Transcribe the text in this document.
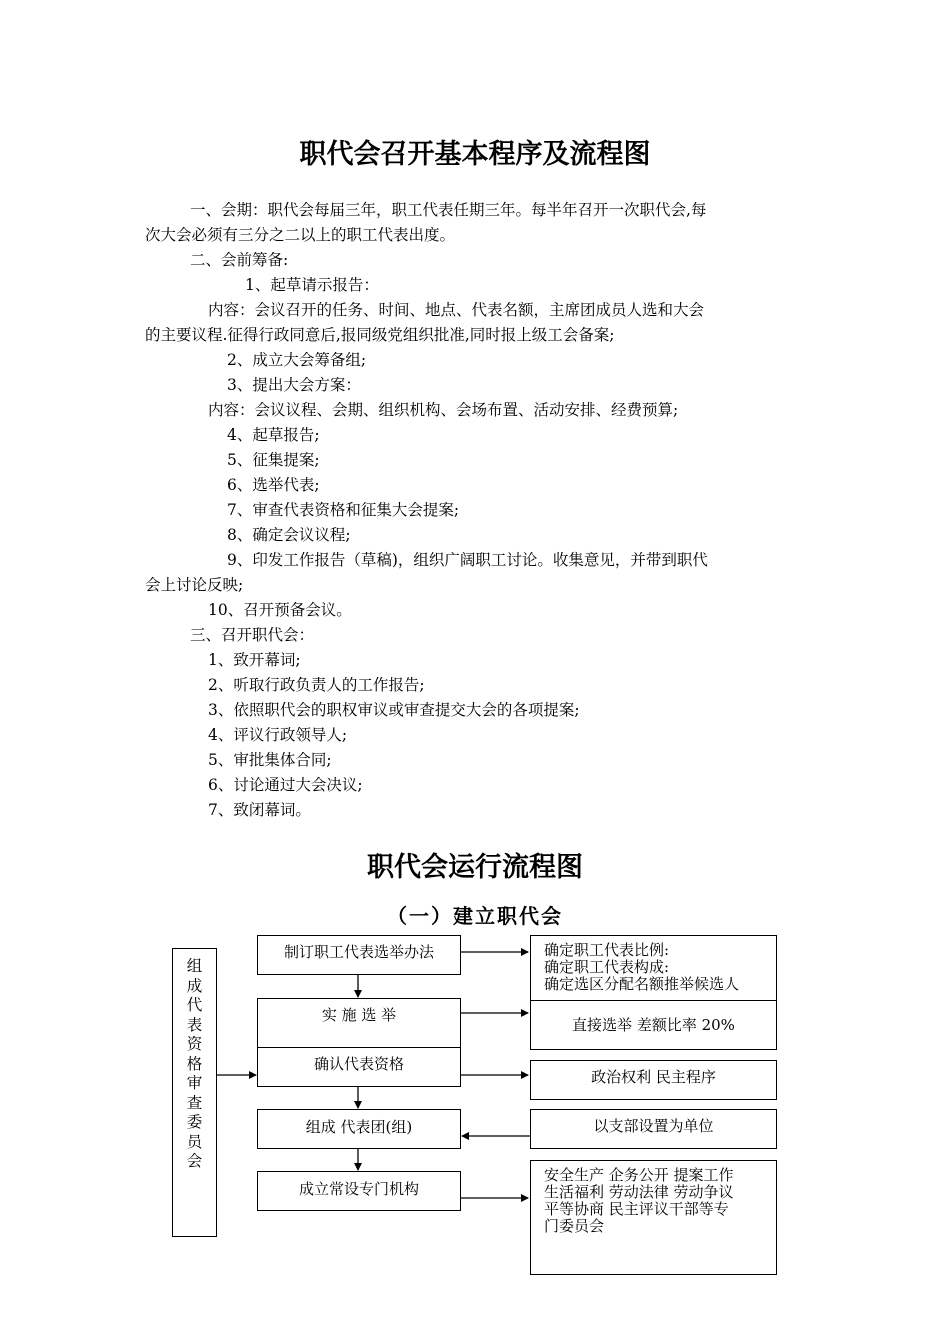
职代会召开基本程序及流程图
一、会期：职代会每届三年，职工代表任期三年。每半年召开一次职代会,每
次大会必须有三分之二以上的职工代表出度。
二、会前筹备:
1、起草请示报告：
内容：会议召开的任务、时间、地点、代表名额，主席团成员人选和大会
的主要议程.征得行政同意后,报同级党组织批准,同时报上级工会备案;
2、成立大会筹备组;
3、提出大会方案：
内容：会议议程、会期、组织机构、会场布置、活动安排、经费预算;
4、起草报告;
5、征集提案;
6、选举代表;
7、审查代表资格和征集大会提案;
8、确定会议议程;
9、印发工作报告（草稿)，组织广阔职工讨论。收集意见，并带到职代
会上讨论反映;
10、召开预备会议。
三、召开职代会：
1、致开幕词;
2、听取行政负责人的工作报告;
3、依照职代会的职权审议或审查提交大会的各项提案;
4、评议行政领导人;
5、审批集体合同;
6、讨论通过大会决议;
7、致闭幕词。
职代会运行流程图
（一）建立职代会
组成代表资格审查委员会
制订职工代表选举办法
实 施 选 举
确认代表资格
组成 代表团(组)
成立常设专门机构
确定职工代表比例:
确定职工代表构成:
确定选区分配名额推举候选人
直接选举 差额比率 20%
政治权利 民主程序
以支部设置为单位
安全生产 企务公开 提案工作
生活福利 劳动法律 劳动争议
平等协商 民主评议干部等专
门委员会
